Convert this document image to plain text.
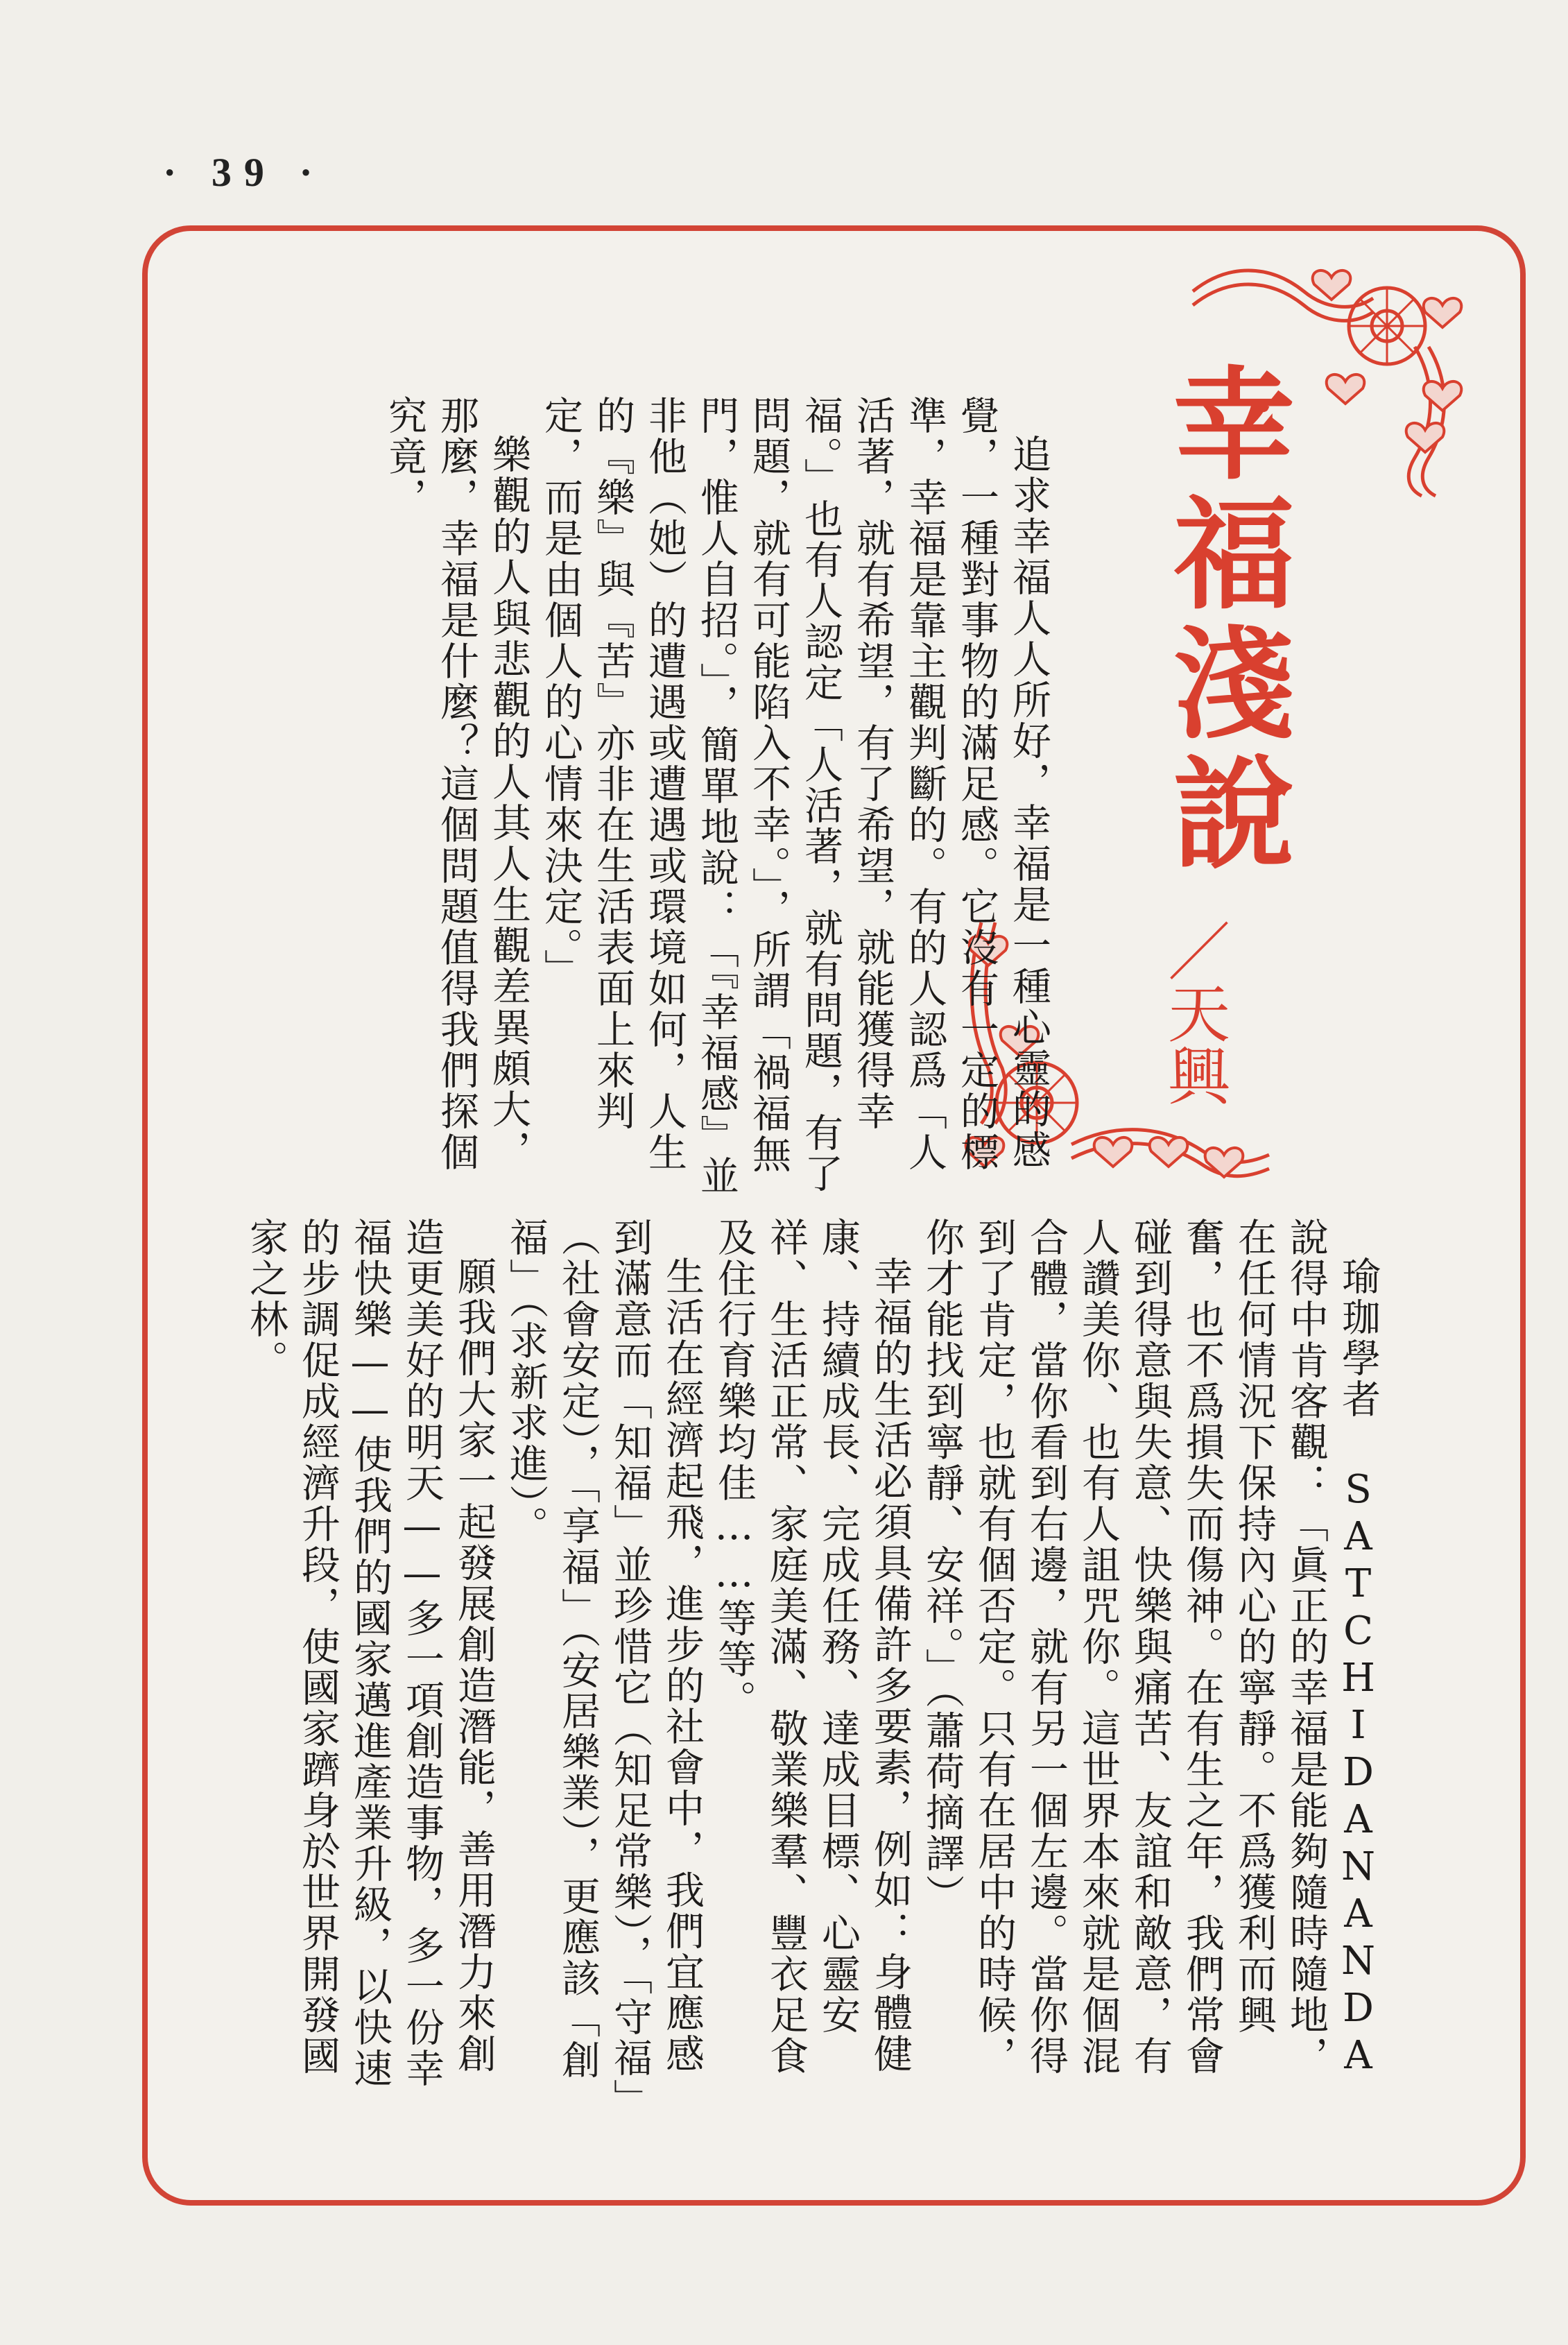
· 39 ·
幸福淺說
／天興

追求幸福人人所好，幸福是一種心靈的感覺，一種對事物的滿足感。它沒有一定的標準，幸福是靠主觀判斷的。有的人認爲「人活著，就有希望，有了希望，就能獲得幸福。」也有人認定「人活著，就有問題，有了問題，就有可能陷入不幸。」，所謂「禍福無門，惟人自招。」，簡單地說：「『幸福感』並非他（她）的遭遇或遭遇或環境如何，人生的『樂』與『苦』亦非在生活表面上來判定，而是由個人的心情來決定。」

樂觀的人與悲觀的人其人生觀差異頗大，那麼，幸福是什麼？這個問題值得我們探個究竟，

瑜珈學者 SATCHIDANANDA 說得中肯客觀：「眞正的幸福是能夠隨時隨地，在任何情況下保持內心的寧靜。不爲獲利而興奮，也不爲損失而傷神。在有生之年，我們常會碰到得意與失意、快樂與痛苦、友誼和敵意，有人讚美你、也有人詛咒你。這世界本來就是個混合體，當你看到右邊，就有另一個左邊。當你得到了肯定，也就有個否定。只有在居中的時候，你才能找到寧靜、安祥。」（蕭荷摘譯）

幸福的生活必須具備許多要素，例如：身體健康、持續成長、完成任務、達成目標、心靈安祥、生活正常、家庭美滿、敬業樂羣、豐衣足食及住行育樂均佳……等等。

生活在經濟起飛，進步的社會中，我們宜應感到滿意而「知福」並珍惜它（知足常樂），「守福」（社會安定），「享福」（安居樂業），更應該「創福」（求新求進）。

願我們大家一起發展創造潛能，善用潛力來創造更美好的明天——多一項創造事物，多一份幸福快樂——使我們的國家邁進產業升級，以快速的步調促成經濟升段，使國家躋身於世界開發國家之林。
